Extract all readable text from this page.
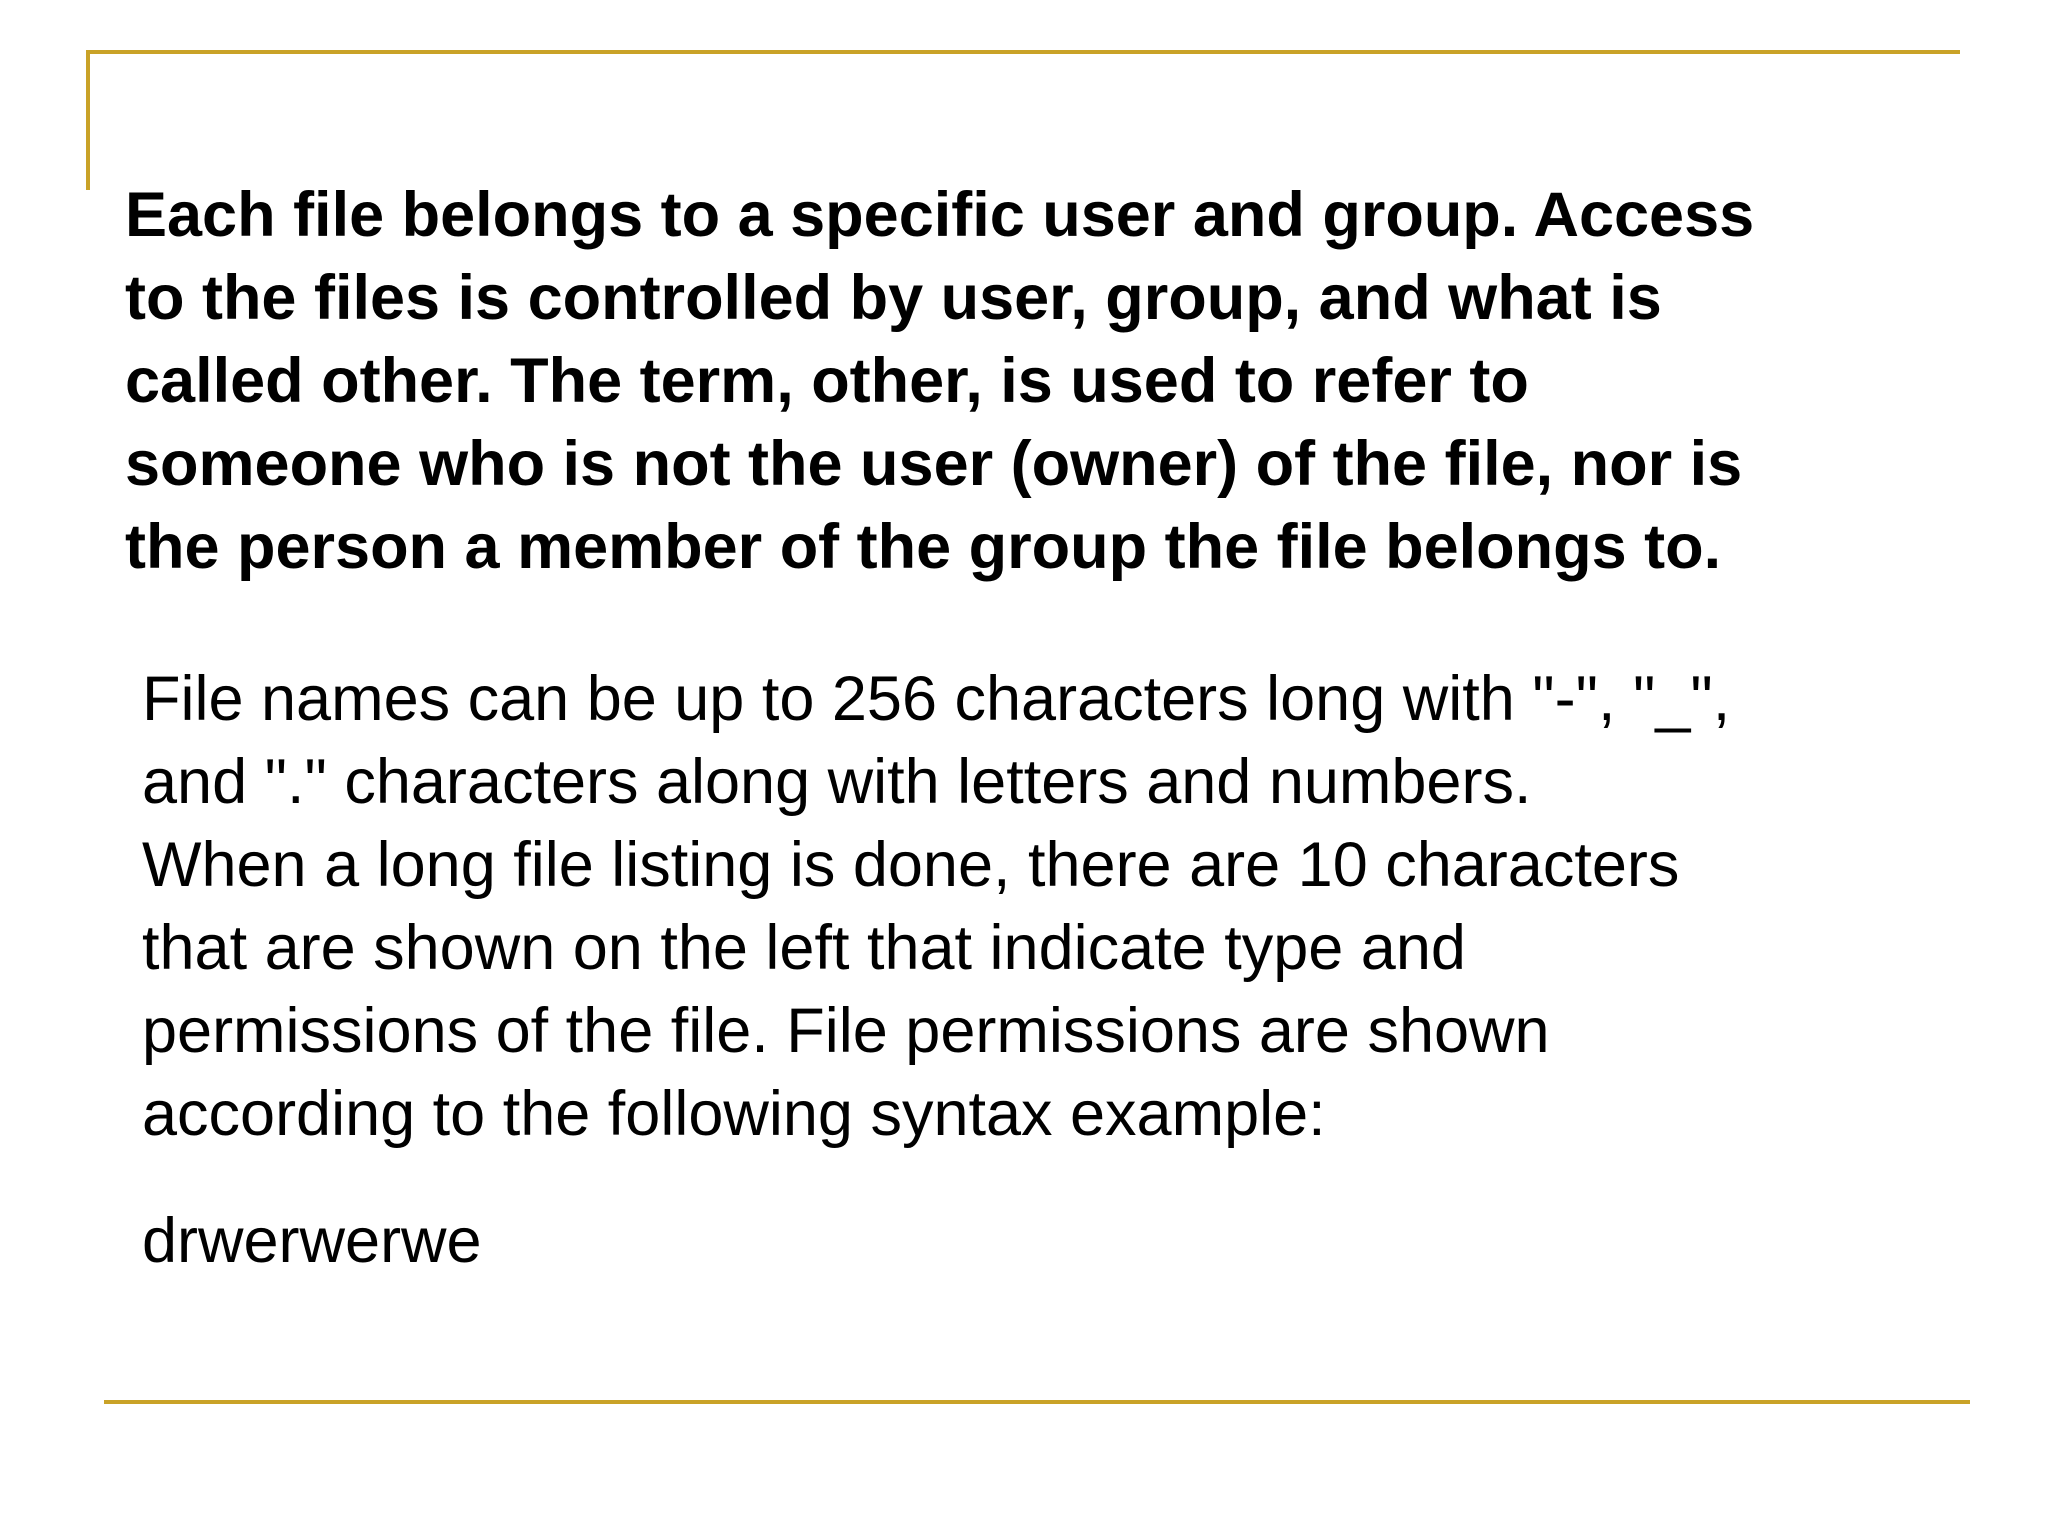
Each file belongs to a specific user and group. Access
to the files is controlled by user, group, and what is
called other. The term, other, is used to refer to
someone who is not the user (owner) of the file, nor is
the person a member of the group the file belongs to.

File names can be up to 256 characters long with "-", "_",
and "." characters along with letters and numbers.
When a long file listing is done, there are 10 characters
that are shown on the left that indicate type and
permissions of the file. File permissions are shown
according to the following syntax example:

drwerwerwe
